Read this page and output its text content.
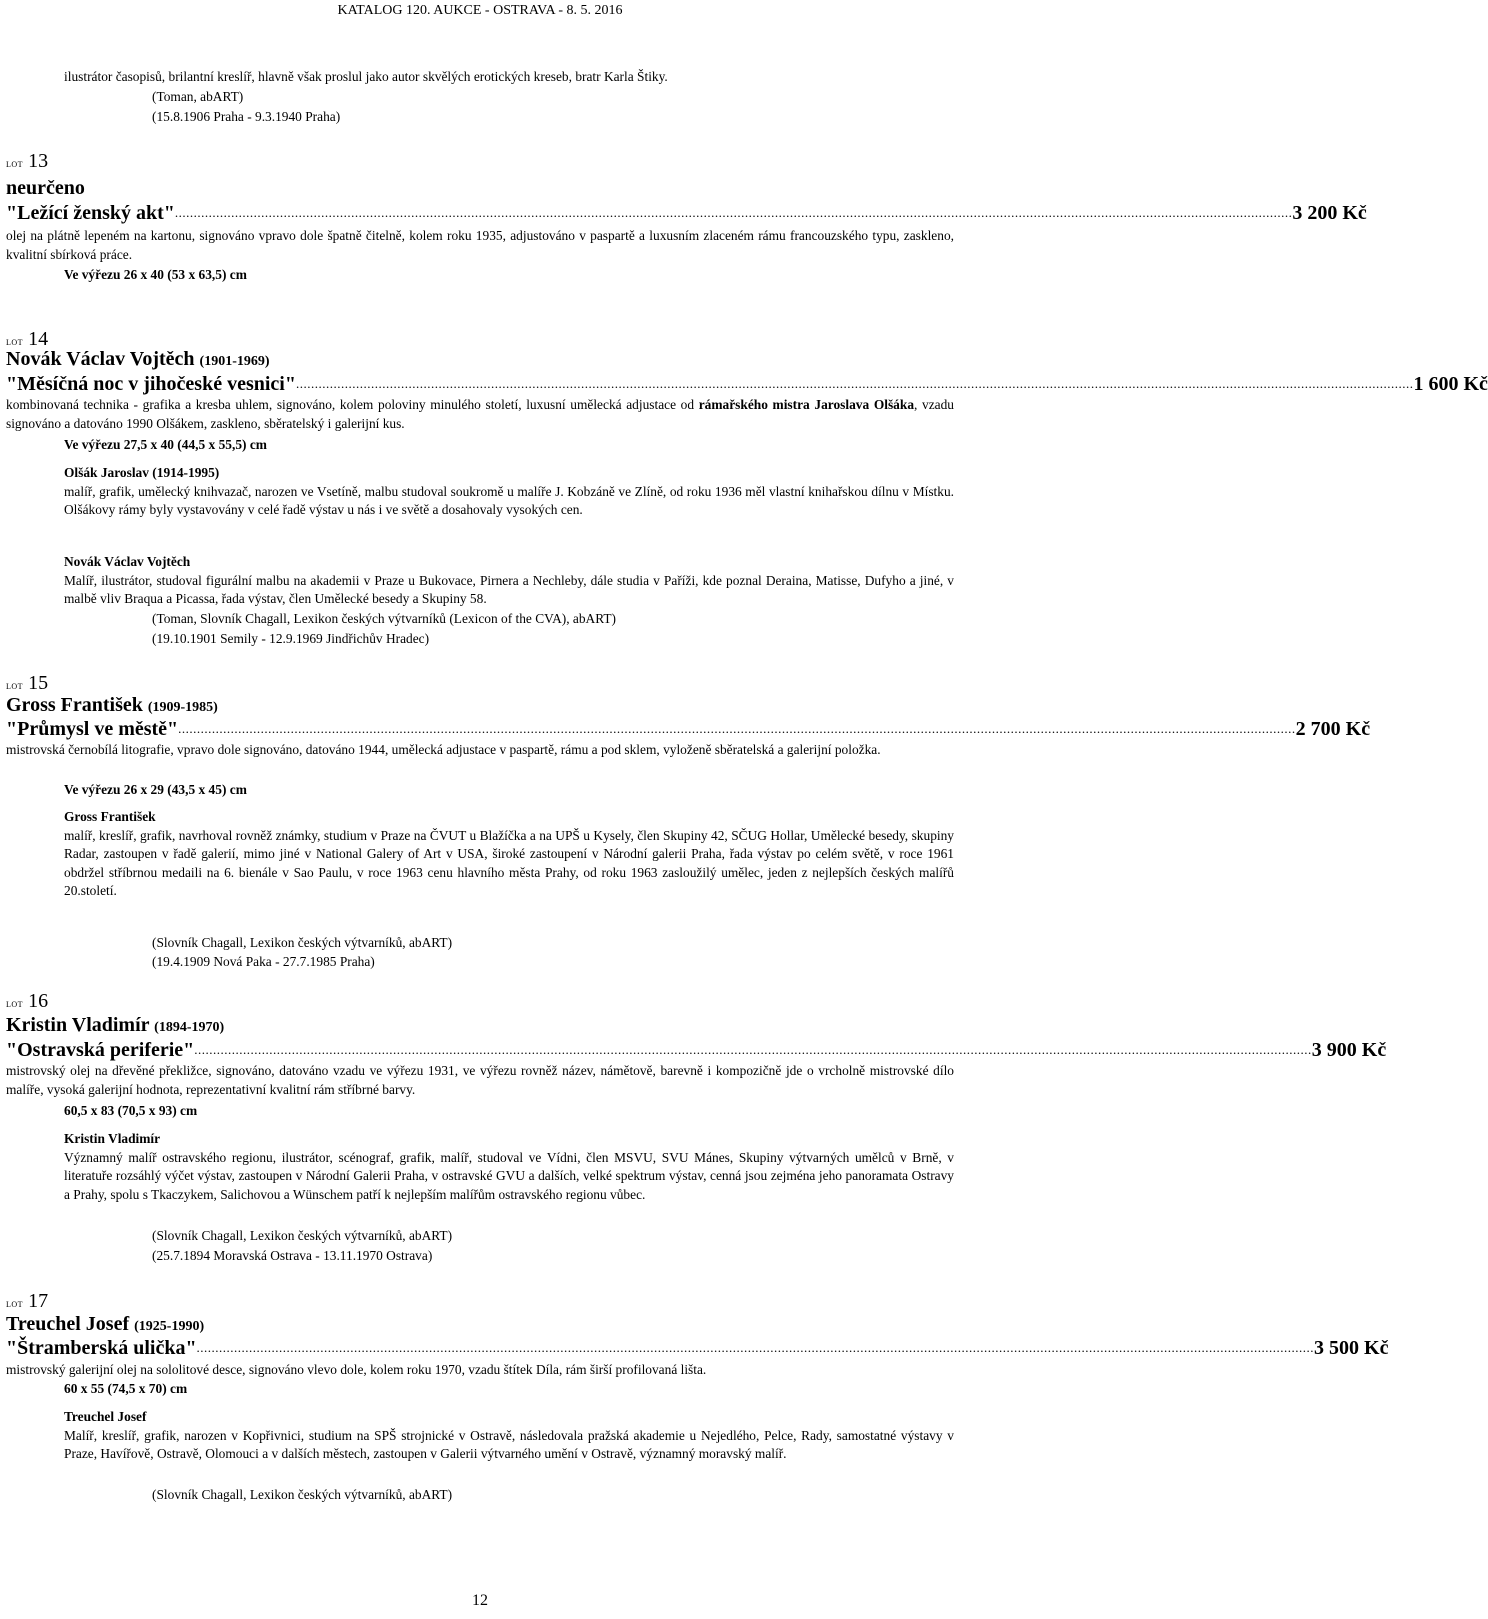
KATALOG 120. AUKCE - OSTRAVA - 8. 5. 2016
ilustrátor časopisů, brilantní kreslíř, hlavně však proslul jako autor skvělých erotických kreseb, bratr Karla Štiky.
(Toman, abART)
(15.8.1906 Praha - 9.3.1940 Praha)
LOT 13
neurčeno
"Ležící ženský akt" .......................................................................................................................................................................................................................................................................................................... 3 200 Kč
olej na plátně lepeném na kartonu, signováno vpravo dole špatně čitelně, kolem roku 1935, adjustováno v paspartě a luxusním zlaceném rámu francouzského typu, zaskleno, kvalitní sbírková práce.
Ve výřezu 26 x 40 (53 x 63,5) cm
LOT 14
Novák Václav Vojtěch (1901-1969)
"Měsíčná noc v jihočeské vesnici" .......................................................................................................................................................................................................................................................................................................... 1 600 Kč
kombinovaná technika - grafika a kresba uhlem, signováno, kolem poloviny minulého století, luxusní umělecká adjustace od rámařského mistra Jaroslava Olšáka, vzadu signováno a datováno 1990 Olšákem, zaskleno, sběratelský i galerijní kus.
Ve výřezu 27,5 x 40 (44,5 x 55,5) cm
Olšák Jaroslav (1914-1995)
malíř, grafik, umělecký knihvazač, narozen ve Vsetíně, malbu studoval soukromě u malíře J. Kobzáně ve Zlíně, od roku 1936 měl vlastní knihařskou dílnu v Místku. Olšákovy rámy byly vystavovány v celé řadě výstav u nás i ve světě a dosahovaly vysokých cen.
Novák Václav Vojtěch
Malíř, ilustrátor, studoval figurální malbu na akademii v Praze u Bukovace, Pirnera a Nechleby, dále studia v Paříži, kde poznal Deraina, Matisse, Dufyho a jiné, v malbě vliv Braqua a Picassa, řada výstav, člen Umělecké besedy a Skupiny 58.
(Toman, Slovník Chagall, Lexikon českých výtvarníků (Lexicon of the CVA), abART)
(19.10.1901 Semily - 12.9.1969 Jindřichův Hradec)
LOT 15
Gross František (1909-1985)
"Průmysl ve městě" .......................................................................................................................................................................................................................................................................................................... 2 700 Kč
mistrovská černobílá litografie, vpravo dole signováno, datováno 1944, umělecká adjustace v paspartě, rámu a pod sklem, vyloženě sběratelská a galerijní položka.
Ve výřezu 26 x 29 (43,5 x 45) cm
Gross František
malíř, kreslíř, grafik, navrhoval rovněž známky, studium v Praze na ČVUT u Blažíčka a na UPŠ u Kysely, člen Skupiny 42, SČUG Hollar, Umělecké besedy, skupiny Radar, zastoupen v řadě galerií, mimo jiné v National Galery of Art v USA, široké zastoupení v Národní galerii Praha, řada výstav po celém světě, v roce 1961 obdržel stříbrnou medaili na 6. bienále v Sao Paulu, v roce 1963 cenu hlavního města Prahy, od roku 1963 zasloužilý umělec, jeden z nejlepších českých malířů 20.století.
(Slovník Chagall, Lexikon českých výtvarníků, abART)
(19.4.1909 Nová Paka - 27.7.1985 Praha)
LOT 16
Kristin Vladimír (1894-1970)
"Ostravská periferie" .......................................................................................................................................................................................................................................................................................................... 3 900 Kč
mistrovský olej na dřevěné překližce, signováno, datováno vzadu ve výřezu 1931, ve výřezu rovněž název, námětově, barevně i kompozičně jde o vrcholně mistrovské dílo malíře, vysoká galerijní hodnota, reprezentativní kvalitní rám stříbrné barvy.
60,5 x 83 (70,5 x 93) cm
Kristin Vladimír
Významný malíř ostravského regionu, ilustrátor, scénograf, grafik, malíř, studoval ve Vídni, člen MSVU, SVU Mánes, Skupiny výtvarných umělců v Brně, v literatuře rozsáhlý výčet výstav, zastoupen v Národní Galerii Praha, v ostravské GVU a dalších, velké spektrum výstav, cenná jsou zejména jeho panoramata Ostravy a Prahy, spolu s Tkaczykem, Salichovou a Wünschem patří k nejlepším malířům ostravského regionu vůbec.
(Slovník Chagall, Lexikon českých výtvarníků, abART)
(25.7.1894 Moravská Ostrava - 13.11.1970 Ostrava)
LOT 17
Treuchel Josef (1925-1990)
"Štramberská ulička" .......................................................................................................................................................................................................................................................................................................... 3 500 Kč
mistrovský galerijní olej na sololitové desce, signováno vlevo dole, kolem roku 1970, vzadu štítek Díla, rám širší profilovaná lišta.
60 x 55 (74,5 x 70) cm
Treuchel Josef
Malíř, kreslíř, grafik, narozen v Kopřivnici, studium na SPŠ strojnické v Ostravě, následovala pražská akademie u Nejedlého, Pelce, Rady, samostatné výstavy v Praze, Havířově, Ostravě, Olomouci a v dalších městech, zastoupen v Galerii výtvarného umění v Ostravě, významný moravský malíř.
(Slovník Chagall, Lexikon českých výtvarníků, abART)
12
